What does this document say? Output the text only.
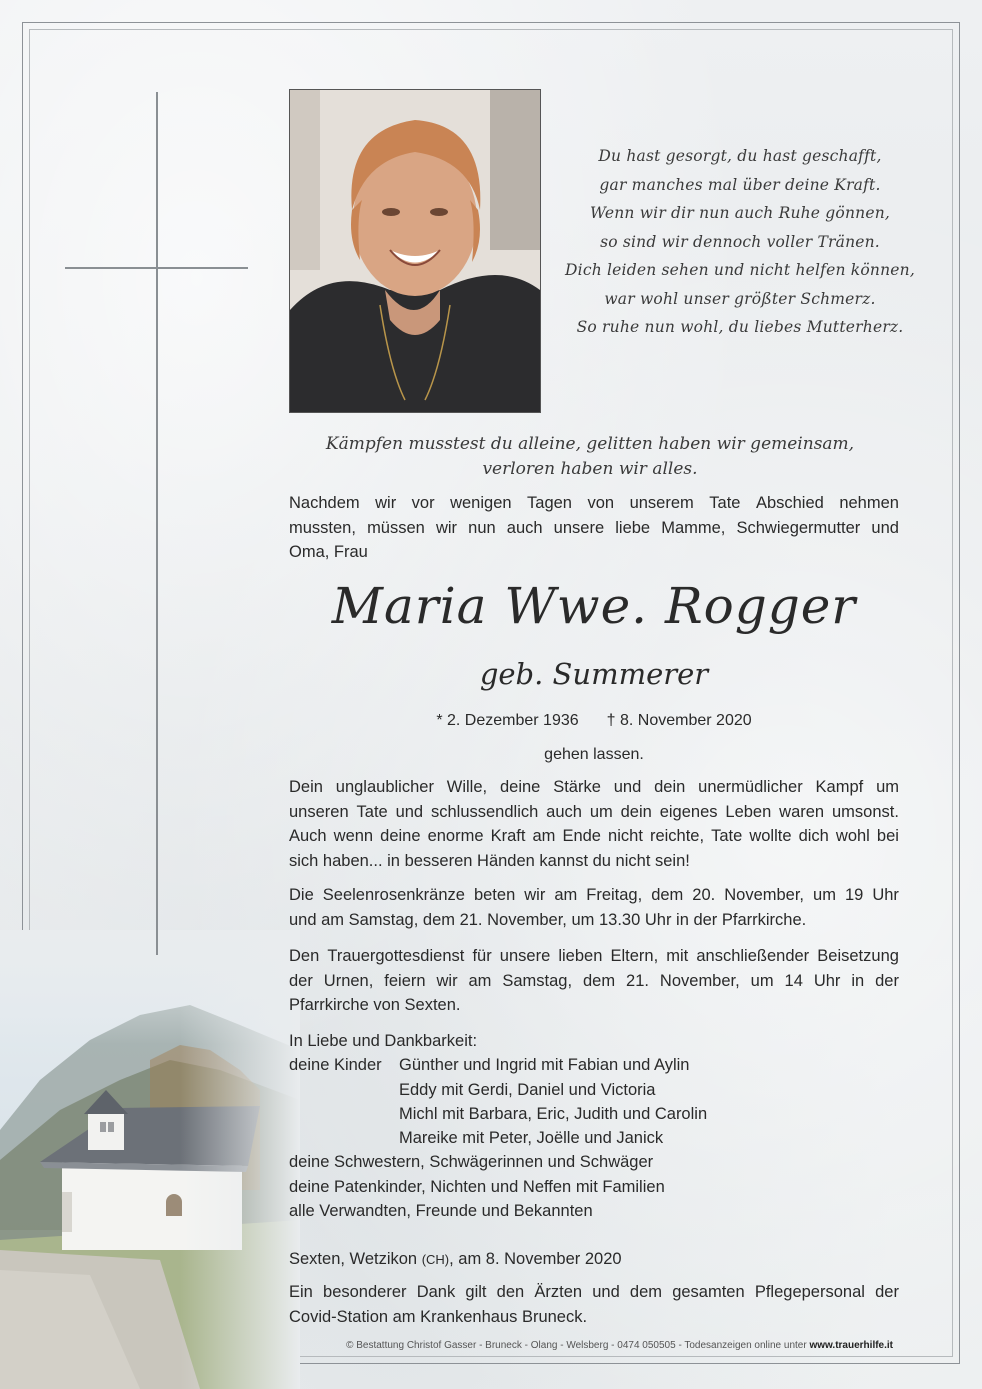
Du hast gesorgt, du hast geschafft,
gar manches mal über deine Kraft.
Wenn wir dir nun auch Ruhe gönnen,
so sind wir dennoch voller Tränen.
Dich leiden sehen und nicht helfen können,
war wohl unser größter Schmerz.
So ruhe nun wohl, du liebes Mutterherz.
Kämpfen musstest du alleine, gelitten haben wir gemeinsam,
verloren haben wir alles.
Nachdem wir vor wenigen Tagen von unserem Tate Abschied nehmen
mussten, müssen wir nun auch unsere liebe Mamme, Schwiegermutter und
Oma, Frau
Maria Wwe. Rogger
geb. Summerer
* 2. Dezember 1936 † 8. November 2020
gehen lassen.
Dein unglaublicher Wille, deine Stärke und dein unermüdlicher Kampf um
unseren Tate und schlussendlich auch um dein eigenes Leben waren umsonst.
Auch wenn deine enorme Kraft am Ende nicht reichte, Tate wollte dich wohl bei
sich haben... in besseren Händen kannst du nicht sein!
Die Seelenrosenkränze beten wir am Freitag, dem 20. November, um 19 Uhr
und am Samstag, dem 21. November, um 13.30 Uhr in der Pfarrkirche.
Den Trauergottesdienst für unsere lieben Eltern, mit anschließender Beisetzung
der Urnen, feiern wir am Samstag, dem 21. November, um 14 Uhr in der
Pfarrkirche von Sexten.
In Liebe und Dankbarkeit:
deine Kinder Günther und Ingrid mit Fabian und Aylin
Eddy mit Gerdi, Daniel und Victoria
Michl mit Barbara, Eric, Judith und Carolin
Mareike mit Peter, Joëlle und Janick
deine Schwestern, Schwägerinnen und Schwäger
deine Patenkinder, Nichten und Neffen mit Familien
alle Verwandten, Freunde und Bekannten
Sexten, Wetzikon (CH), am 8. November 2020
Ein besonderer Dank gilt den Ärzten und dem gesamten Pflegepersonal der
Covid-Station am Krankenhaus Bruneck.
© Bestattung Christof Gasser - Bruneck - Olang - Welsberg - 0474 050505 - Todesanzeigen online unter www.trauerhilfe.it
